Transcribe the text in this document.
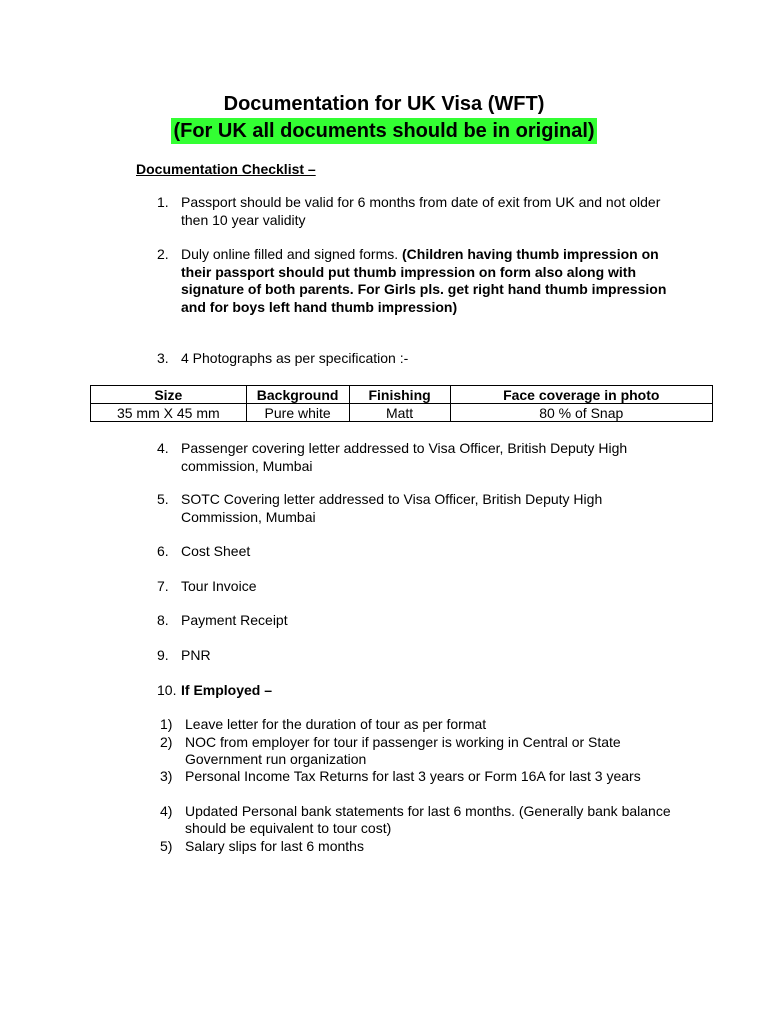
Documentation for UK Visa (WFT)
(For UK all documents should be in original)
Documentation Checklist –
1. Passport should be valid for 6 months from date of exit from UK and not older then 10 year validity
2. Duly online filled and signed forms. (Children having thumb impression on their passport should put thumb impression on form also along with signature of both parents. For Girls pls. get right hand thumb impression and for boys left hand thumb impression)
3. 4 Photographs as per specification :-
Size	Background	Finishing	Face coverage in photo
35 mm X 45 mm	Pure white	Matt	80 % of Snap
4. Passenger covering letter addressed to Visa Officer, British Deputy High commission, Mumbai
5. SOTC Covering letter addressed to Visa Officer, British Deputy High Commission, Mumbai
6. Cost Sheet
7. Tour Invoice
8. Payment Receipt
9. PNR
10. If Employed –
1) Leave letter for the duration of tour as per format
2) NOC from employer for tour if passenger is working in Central or State Government run organization
3) Personal Income Tax Returns for last 3 years or Form 16A for last 3 years
4) Updated Personal bank statements for last 6 months. (Generally bank balance should be equivalent to tour cost)
5) Salary slips for last 6 months
